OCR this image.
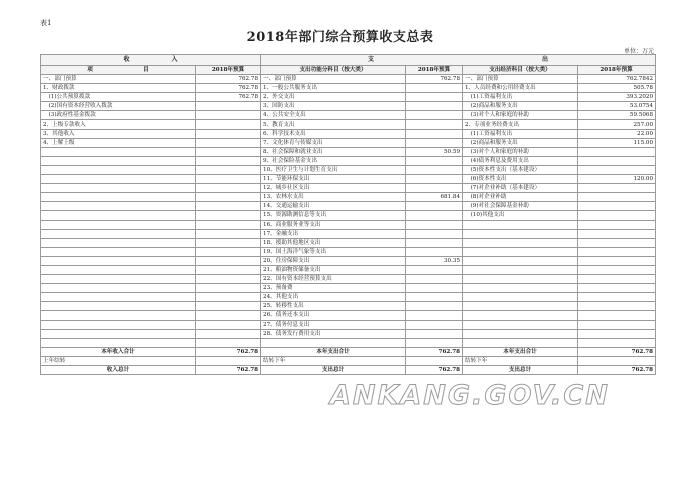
表1
2018年部门综合预算收支总表
单位：万元
收　　　　　　　入		支　　　　　　　　　　　　　　　　　　　　　　　　　　　　出			
项　　　　　　　　　目	2018年预算	支出功能分科目（按大类）	2018年预算	支出经济科目（按大类）	2018年预算
一、部门预算	762.78	一、部门预算	762.78	一、部门预算	762.7842
1、财政拨款	762.78	1、一般公共服务支出		1、人员经费和公用经费支出	505.78
　(1)公共预算拨款	762.78	2、外交支出		　(1)工资福利支出	393.2020
　(2)国有资本经营收入拨款		3、国防支出		　(2)商品和服务支出	53.0754
　(3)政府性基金拨款		4、公共安全支出		　(3)对个人和家庭的补助	59.5068
2、上级专款收入		5、教育支出		2、专项业务经费支出	257.00
3、其他收入		6、科学技术支出		　(1)工资福利支出	22.00
4、上解上级		7、文化体育与传媒支出		　(2)商品和服务支出	115.00
		8、社会保障和就业支出	50.59	　(3)对个人和家庭的补助	
		9、社会保险基金支出		　(4)债务利息及费用支出	
		10、医疗卫生与计划生育支出		　(5)资本性支出（基本建设）	
		11、节能环保支出		　(6)资本性支出	120.00
		12、城乡社区支出		　(7)对企业补助（基本建设）	
		13、农林水支出	681.84	　(8)对企业补助	
		14、交通运输支出		　(9)对社会保障基金补助	
		15、资源勘测信息等支出		　(10)其他支出	
		16、商业服务业等支出			
		17、金融支出			
		18、援助其他地区支出			
		19、国土海洋气象等支出			
		20、住房保障支出	30.35		
		21、粮油物资储备支出			
		22、国有资本经营预算支出			
		23、预备费			
		24、其他支出			
		25、转移性支出			
		26、债务还本支出			
		27、债务付息支出			
		28、债务发行费用支出			

本年收入合计	762.78	本年支出合计	762.78	本年支出合计	762.78
上年结转		结转下年		结转下年	
收入总计	762.78	支出总计	762.78	支出总计	762.78
ANKANG.GOV.CN
